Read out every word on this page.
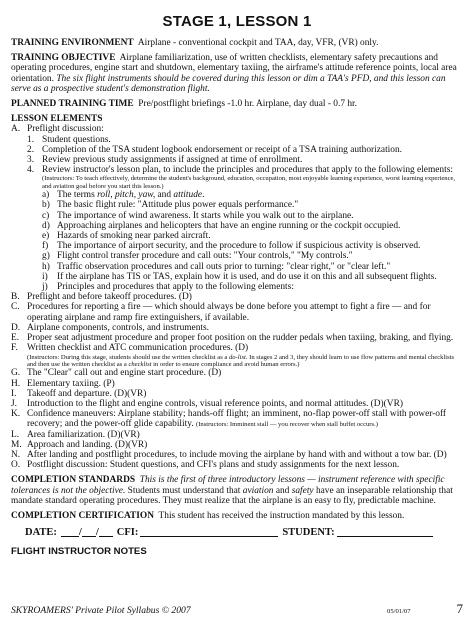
STAGE 1, LESSON 1
TRAINING ENVIRONMENT Airplane - conventional cockpit and TAA, day, VFR, (VR) only.
TRAINING OBJECTIVE Airplane familiarization, use of written checklists, elementary safety precautions and operating procedures, engine start and shutdown, elementary taxiing, the airframe's attitude reference points, local area orientation. The six flight instruments should be covered during this lesson or dim a TAA's PFD, and this lesson can serve as a prospective student's demonstration flight.
PLANNED TRAINING TIME Pre/postflight briefings -1.0 hr. Airplane, day dual - 0.7 hr.
LESSON ELEMENTS
A. Preflight discussion:
1. Student questions.
2. Completion of the TSA student logbook endorsement or receipt of a TSA training authorization.
3. Review previous study assignments if assigned at time of enrollment.
4. Review instructor's lesson plan, to include the principles and procedures that apply to the following elements:
(Instructors: To teach effectively, determine the student's background, education, occupation, most enjoyable learning experience, worst learning experience, and aviation goal before you start this lesson.)
a) The terms roll, pitch, yaw, and attitude.
b) The basic flight rule: "Attitude plus power equals performance."
c) The importance of wind awareness. It starts while you walk out to the airplane.
d) Approaching airplanes and helicopters that have an engine running or the cockpit occupied.
e) Hazards of smoking near parked aircraft.
f) The importance of airport security, and the procedure to follow if suspicious activity is observed.
g) Flight control transfer procedure and call outs: "Your controls," "My controls."
h) Traffic observation procedures and call outs prior to turning: "clear right," or "clear left."
i) If the airplane has TIS or TAS, explain how it is used, and do use it on this and all subsequent flights.
j) Principles and procedures that apply to the following elements:
B. Preflight and before takeoff procedures. (D)
C. Procedures for reporting a fire — which should always be done before you attempt to fight a fire — and for operating airplane and ramp fire extinguishers, if available.
D. Airplane components, controls, and instruments.
E. Proper seat adjustment procedure and proper foot position on the rudder pedals when taxiing, braking, and flying.
F. Written checklist and ATC communication procedures. (D)
(Instructors: During this stage, students should use the written checklist as a do-list. In stages 2 and 3, they should learn to use flow patterns and mental checklists and then use the written checklist as a checklist in order to ensure compliance and avoid human errors.)
G. The "Clear" call out and engine start procedure. (D)
H. Elementary taxiing. (P)
I.	Takeoff and departure. (D)(VR)
J.	Introduction to the flight and engine controls, visual reference points, and normal attitudes. (D)(VR)
K. Confidence maneuvers: Airplane stability; hands-off flight; an imminent, no-flap power-off stall with power-off recovery; and the power-off glide capability. (Instructors: Imminent stall — you recover when stall buffet occurs.)
L. Area familiarization. (D)(VR)
M. Approach and landing. (D)(VR)
N. After landing and postflight procedures, to include moving the airplane by hand with and without a tow bar. (D)
O. Postflight discussion: Student questions, and CFI's plans and study assignments for the next lesson.
COMPLETION STANDARDS This is the first of three introductory lessons — instrument reference with specific tolerances is not the objective. Students must understand that aviation and safety have an inseparable relationship that mandate standard operating procedures. They must realize that the airplane is an easy to fly, predictable machine.
COMPLETION CERTIFICATION This student has received the instruction mandated by this lesson.
DATE: / / CFI:	STUDENT:
FLIGHT INSTRUCTOR NOTES
SKYROAMERS' Private Pilot Syllabus © 2007	05/01/07	7
